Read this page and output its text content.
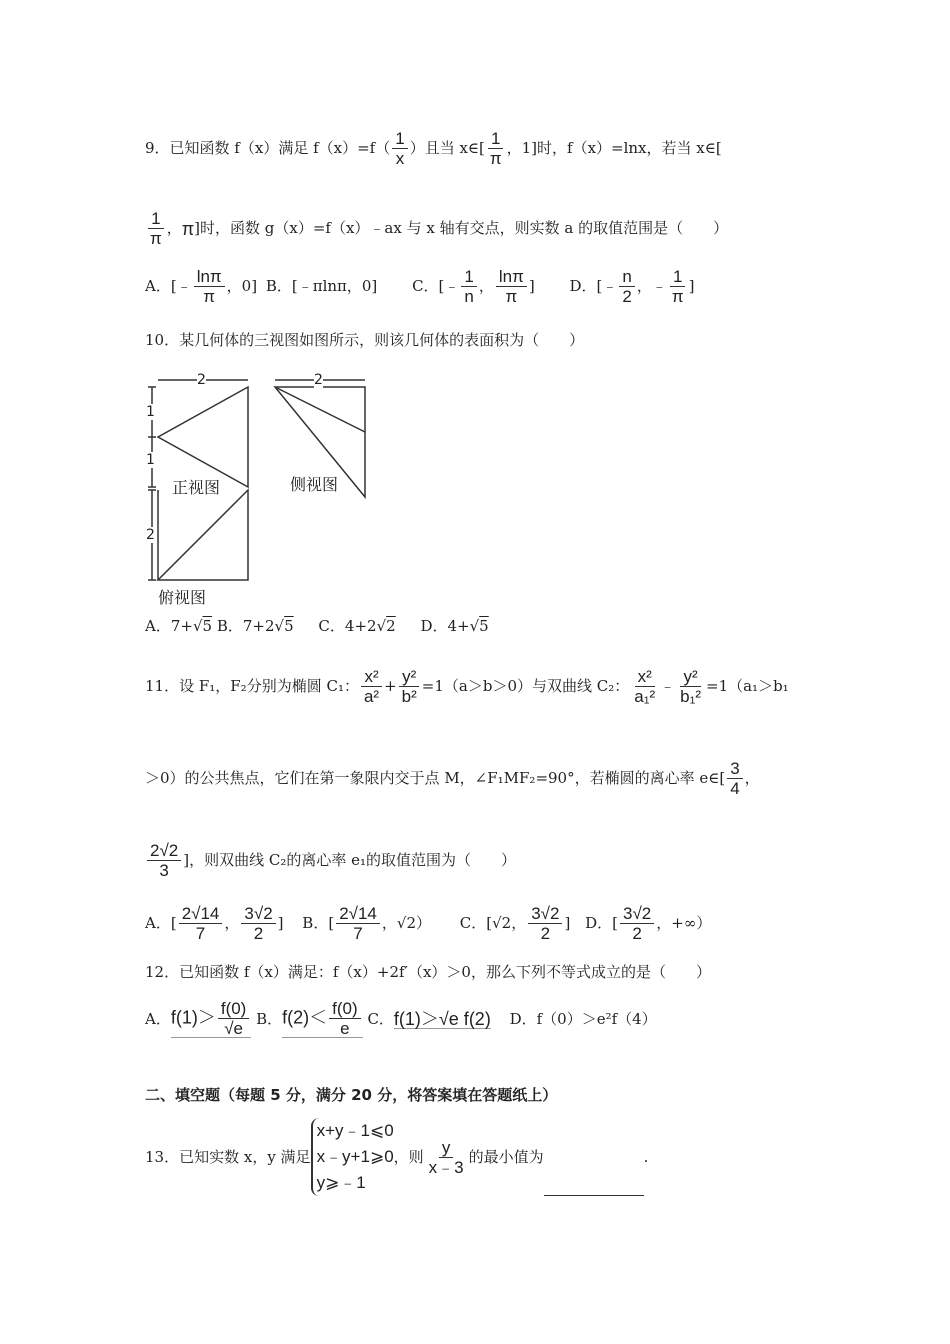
9．已知函数 f（x）满足 $f(x)=f( \frac{1}{x}$ ）且当 x∈[ $\frac{1}{\pi}$ ，1]时，f（x）=lnx，若当 x∈[
$\frac{1}{\pi}$ ，π]时，函数 g（x）=f（x）﹣ax 与 x 轴有交点，则实数 a 的取值范围是（　　）
A．[﹣ $\frac{\ln\pi}{\pi}$ ，0] B．[﹣πlnπ，0] C．[﹣ $\frac{1}{n}$ ， $\frac{\ln\pi}{\pi}$ ] D．[﹣ $\frac{n}{2}$ ，﹣ $\frac{1}{\pi}$ ]
10．某几何体的三视图如图所示，则该几何体的表面积为（　　）
2	2
1
1
2
正视图	侧视图
俯视图
A．7+√5 B．7+2√5 C．4+2√2 D．4+√5
11．设 F₁，F₂分别为椭圆 C₁： $\frac{\text{x²}}{\text{a²}} + \frac{\text{y²}}{\text{b²}} =1(a>b>0)$与双曲线 C₂： $\frac{\text{x²}}{\text{a₁²}}$ ﹣ $\frac{\text{y²}}{\text{b₁²}} =1(a_1>b_1$
＞0）的公共焦点，它们在第一象限内交于点 M，∠F₁MF₂=90°，若椭圆的离心率 e∈[ $\frac{3}{4}$ ，
$\frac{2√2}{3}$ ]，则双曲线 C₂的离心率 e₁的取值范围为（　　）
A．[ $\frac{2√14}{7}$ ， $\frac{3√2}{2}$ ] B．[ $\frac{2√14}{7}$ ，√2） C．[√2， $\frac{3√2}{2}$ ] D．[ $\frac{3√2}{2}$ ，+∞）
12．已知函数 f（x）满足：f（x）+2f′（x）＞0，那么下列不等式成立的是（　　）
A．$f(1)> \frac{f(0)}{√e}$ B．$f(2)< \frac{f(0)}{e}$ C．f(1)＞√e f(2) D．f（0）＞e²f（4）
二、填空题（每题 5 分，满分 20 分，将答案填在答题纸上）
13．已知实数 x，y 满足x+y﹣1⩽0
x﹣y+1⩾0
y⩾﹣1，则 $\frac{y}{x﹣3}$ 的最小值为	.
